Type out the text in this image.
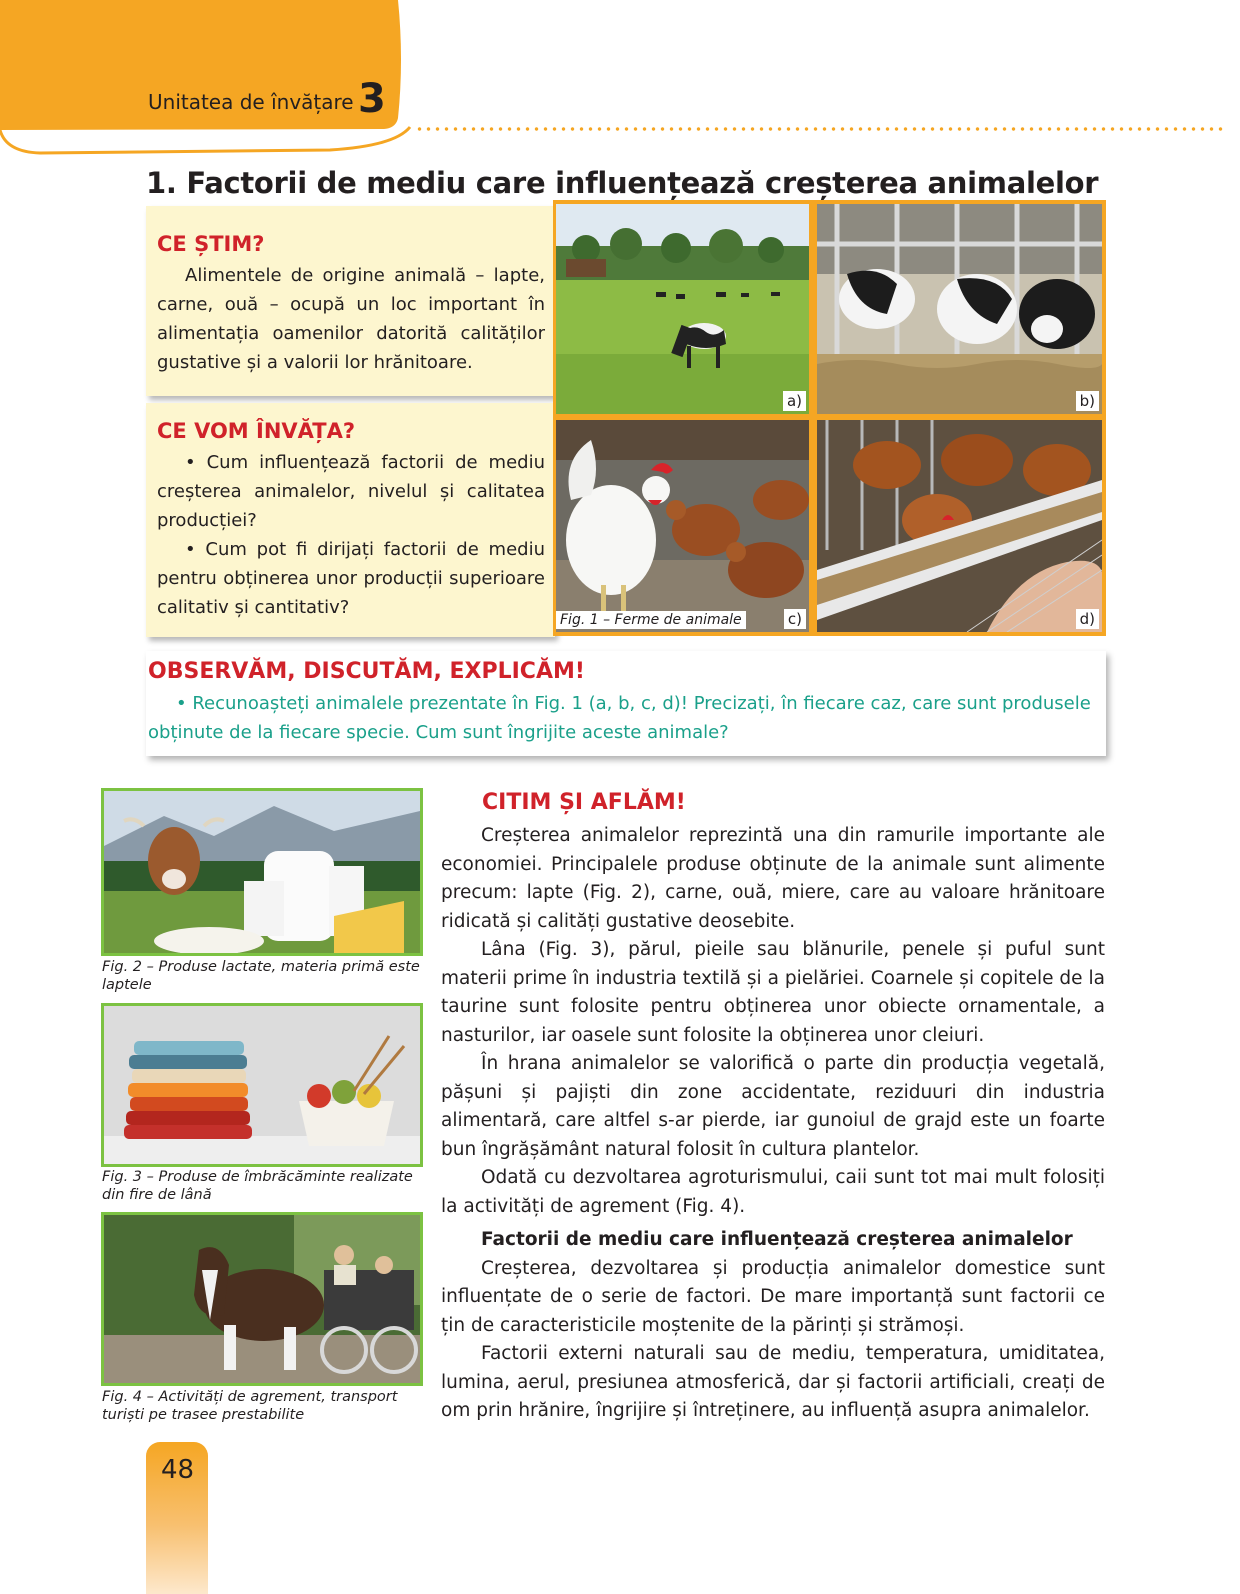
Unitatea de învățare 3
1. Factorii de mediu care influențează creșterea animalelor
CE ȘTIM?

Alimentele de origine animală – lapte, carne, ouă – ocupă un loc important în alimentația oamenilor datorită calităților gustative și a valorii lor hrănitoare.

CE VOM ÎNVĂȚA?

• Cum influențează factorii de mediu creșterea animalelor, nivelul și calitatea producției?

• Cum pot fi dirijați factorii de mediu pentru obținerea unor producții superioare calitativ și cantitativ?

a)	b)
Fig. 1 – Ferme de animale	c)	d)
OBSERVĂM, DISCUTĂM, EXPLICĂM!

• Recunoașteți animalele prezentate în Fig. 1 (a, b, c, d)! Precizați, în fiecare caz, care sunt produsele obținute de la fiecare specie. Cum sunt îngrijite aceste animale?

Fig. 2 – Produse lactate, materia primă este laptele
Fig. 3 – Produse de îmbrăcăminte realizate din fire de lână
Fig. 4 – Activități de agrement, transport turiști pe trasee prestabilite
CITIM ȘI AFLĂM!

Creșterea animalelor reprezintă una din ramurile importante ale economiei. Principalele produse obținute de la animale sunt alimente precum: lapte (Fig. 2), carne, ouă, miere, care au valoare hrănitoare ridicată și calități gustative deosebite.

Lâna (Fig. 3), părul, pieile sau blănurile, penele și puful sunt materii prime în industria textilă și a pielăriei. Coarnele și copitele de la taurine sunt folosite pentru obținerea unor obiecte ornamentale, a nasturilor, iar oasele sunt folosite la obținerea unor cleiuri.

În hrana animalelor se valorifică o parte din producția vegetală, pășuni și pajiști din zone accidentate, reziduuri din industria alimentară, care altfel s-ar pierde, iar gunoiul de grajd este un foarte bun îngrășământ natural folosit în cultura plantelor.

Odată cu dezvoltarea agroturismului, caii sunt tot mai mult folosiți la activități de agrement (Fig. 4).

Factorii de mediu care influențează creșterea animalelor

Creșterea, dezvoltarea și producția animalelor domestice sunt influențate de o serie de factori. De mare importanță sunt factorii ce țin de caracteristicile moștenite de la părinți și strămoși.

Factorii externi naturali sau de mediu, temperatura, umiditatea, lumina, aerul, presiunea atmosferică, dar și factorii artificiali, creați de om prin hrănire, îngrijire și întreținere, au influență asupra animalelor.

48
